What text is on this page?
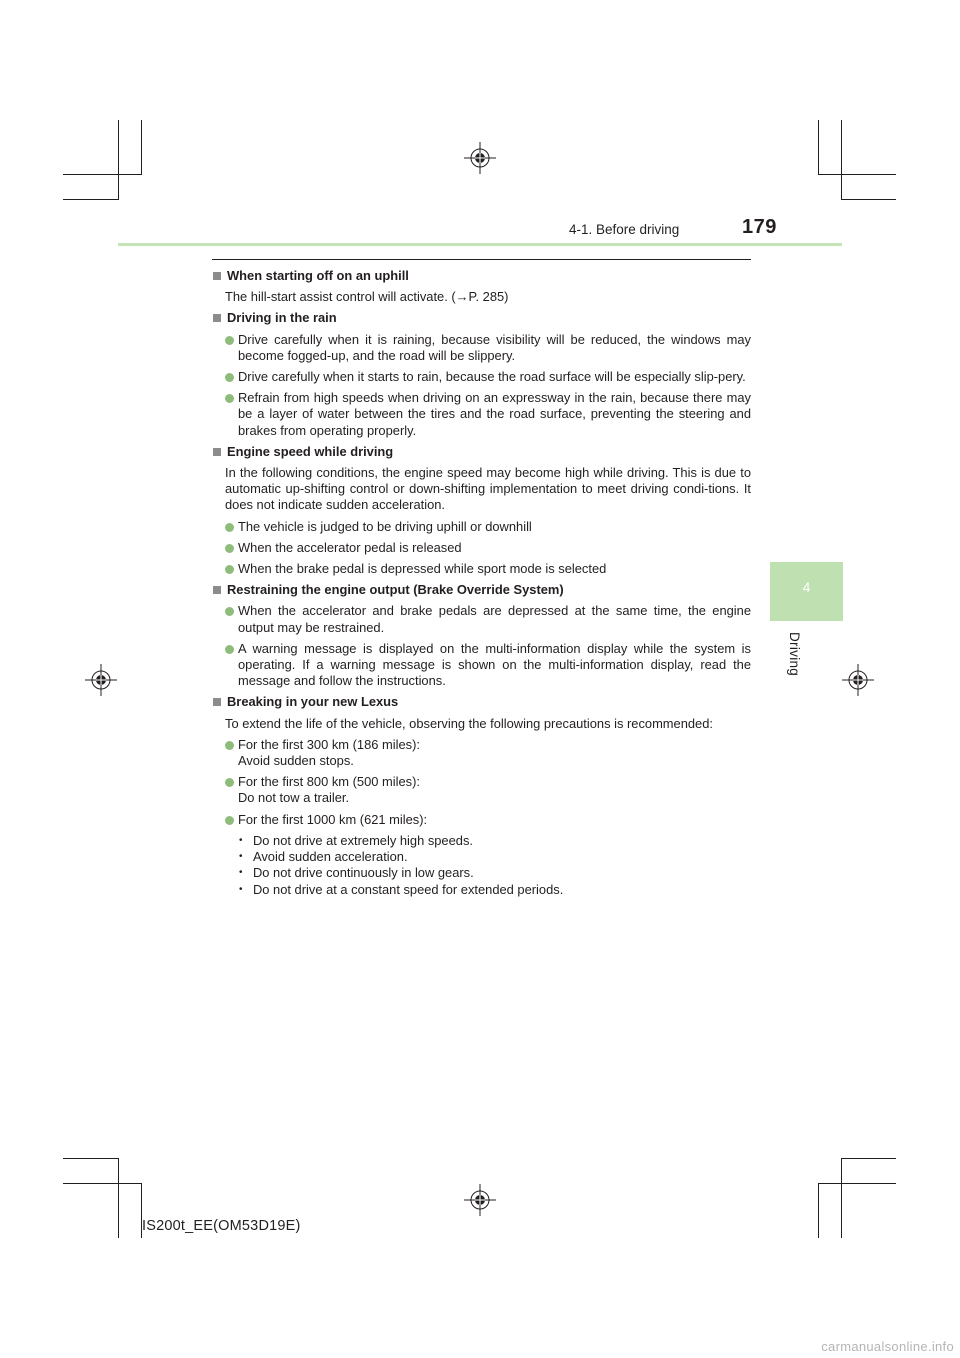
4-1. Before driving	179
4
Driving
When starting off on an uphill
The hill-start assist control will activate. (→P. 285)
Driving in the rain
Drive carefully when it is raining, because visibility will be reduced, the windows may become fogged-up, and the road will be slippery.
Drive carefully when it starts to rain, because the road surface will be especially slip-pery.
Refrain from high speeds when driving on an expressway in the rain, because there may be a layer of water between the tires and the road surface, preventing the steering and brakes from operating properly.
Engine speed while driving
In the following conditions, the engine speed may become high while driving. This is due to automatic up-shifting control or down-shifting implementation to meet driving condi-tions. It does not indicate sudden acceleration.
The vehicle is judged to be driving uphill or downhill
When the accelerator pedal is released
When the brake pedal is depressed while sport mode is selected
Restraining the engine output (Brake Override System)
When the accelerator and brake pedals are depressed at the same time, the engine output may be restrained.
A warning message is displayed on the multi-information display while the system is operating. If a warning message is shown on the multi-information display, read the message and follow the instructions.
Breaking in your new Lexus
To extend the life of the vehicle, observing the following precautions is recommended:
For the first 300 km (186 miles):
Avoid sudden stops.
For the first 800 km (500 miles):
Do not tow a trailer.
For the first 1000 km (621 miles):
• Do not drive at extremely high speeds.
• Avoid sudden acceleration.
• Do not drive continuously in low gears.
• Do not drive at a constant speed for extended periods.
IS200t_EE(OM53D19E)
carmanualsonline.info
